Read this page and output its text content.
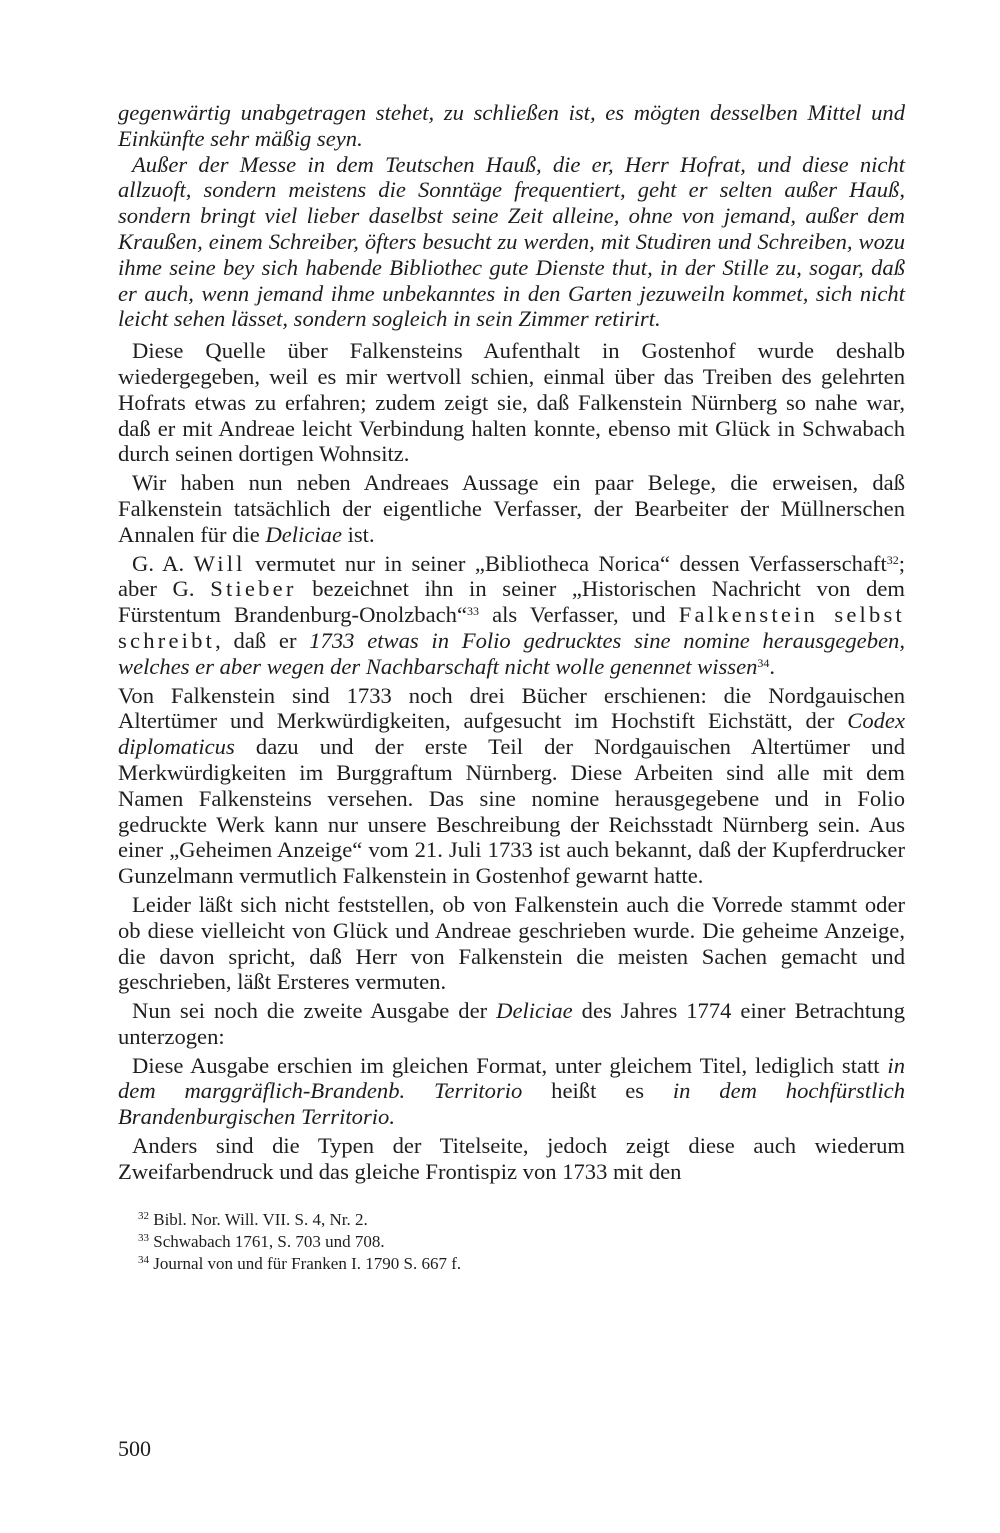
gegenwärtig unabgetragen stehet, zu schließen ist, es mögten desselben Mittel und Einkünfte sehr mäßig seyn.

Außer der Messe in dem Teutschen Hauß, die er, Herr Hofrat, und diese nicht allzuoft, sondern meistens die Sonntäge frequentiert, geht er selten außer Hauß, sondern bringt viel lieber daselbst seine Zeit alleine, ohne von jemand, außer dem Kraußen, einem Schreiber, öfters besucht zu werden, mit Studiren und Schreiben, wozu ihme seine bey sich habende Bibliothec gute Dienste thut, in der Stille zu, sogar, daß er auch, wenn jemand ihme unbekanntes in den Garten jezuweiln kommet, sich nicht leicht sehen lässet, sondern sogleich in sein Zimmer retirirt.

Diese Quelle über Falkensteins Aufenthalt in Gostenhof wurde deshalb wiedergegeben, weil es mir wertvoll schien, einmal über das Treiben des gelehrten Hofrats etwas zu erfahren; zudem zeigt sie, daß Falkenstein Nürnberg so nahe war, daß er mit Andreae leicht Verbindung halten konnte, ebenso mit Glück in Schwabach durch seinen dortigen Wohnsitz.

Wir haben nun neben Andreaes Aussage ein paar Belege, die erweisen, daß Falkenstein tatsächlich der eigentliche Verfasser, der Bearbeiter der Müllnerschen Annalen für die Deliciae ist.

G. A. Will vermutet nur in seiner „Bibliotheca Norica“ dessen Verfasserschaft$^{32}$; aber G. Stieber bezeichnet ihn in seiner „Historischen Nachricht von dem Fürstentum Brandenburg-Onolzbach“$^{33}$ als Verfasser, und Falkenstein selbst schreibt, daß er 1733 etwas in Folio gedrucktes sine nomine herausgegeben, welches er aber wegen der Nachbarschaft nicht wolle genennet wissen$^{34}$.

Von Falkenstein sind 1733 noch drei Bücher erschienen: die Nordgauischen Altertümer und Merkwürdigkeiten, aufgesucht im Hochstift Eichstätt, der Codex diplomaticus dazu und der erste Teil der Nordgauischen Altertümer und Merkwürdigkeiten im Burggraftum Nürnberg. Diese Arbeiten sind alle mit dem Namen Falkensteins versehen. Das sine nomine herausgegebene und in Folio gedruckte Werk kann nur unsere Beschreibung der Reichsstadt Nürnberg sein. Aus einer „Geheimen Anzeige“ vom 21. Juli 1733 ist auch bekannt, daß der Kupferdrucker Gunzelmann vermutlich Falkenstein in Gostenhof gewarnt hatte.

Leider läßt sich nicht feststellen, ob von Falkenstein auch die Vorrede stammt oder ob diese vielleicht von Glück und Andreae geschrieben wurde. Die geheime Anzeige, die davon spricht, daß Herr von Falkenstein die meisten Sachen gemacht und geschrieben, läßt Ersteres vermuten.

Nun sei noch die zweite Ausgabe der Deliciae des Jahres 1774 einer Betrachtung unterzogen:

Diese Ausgabe erschien im gleichen Format, unter gleichem Titel, lediglich statt in dem marggräflich-Brandenb. Territorio heißt es in dem hochfürstlich Brandenburgischen Territorio.

Anders sind die Typen der Titelseite, jedoch zeigt diese auch wiederum Zweifarbendruck und das gleiche Frontispiz von 1733 mit den

$^{32}$ Bibl. Nor. Will. VII. S. 4, Nr. 2.

$^{33}$ Schwabach 1761, S. 703 und 708.

$^{34}$ Journal von und für Franken I. 1790 S. 667 f.

500
